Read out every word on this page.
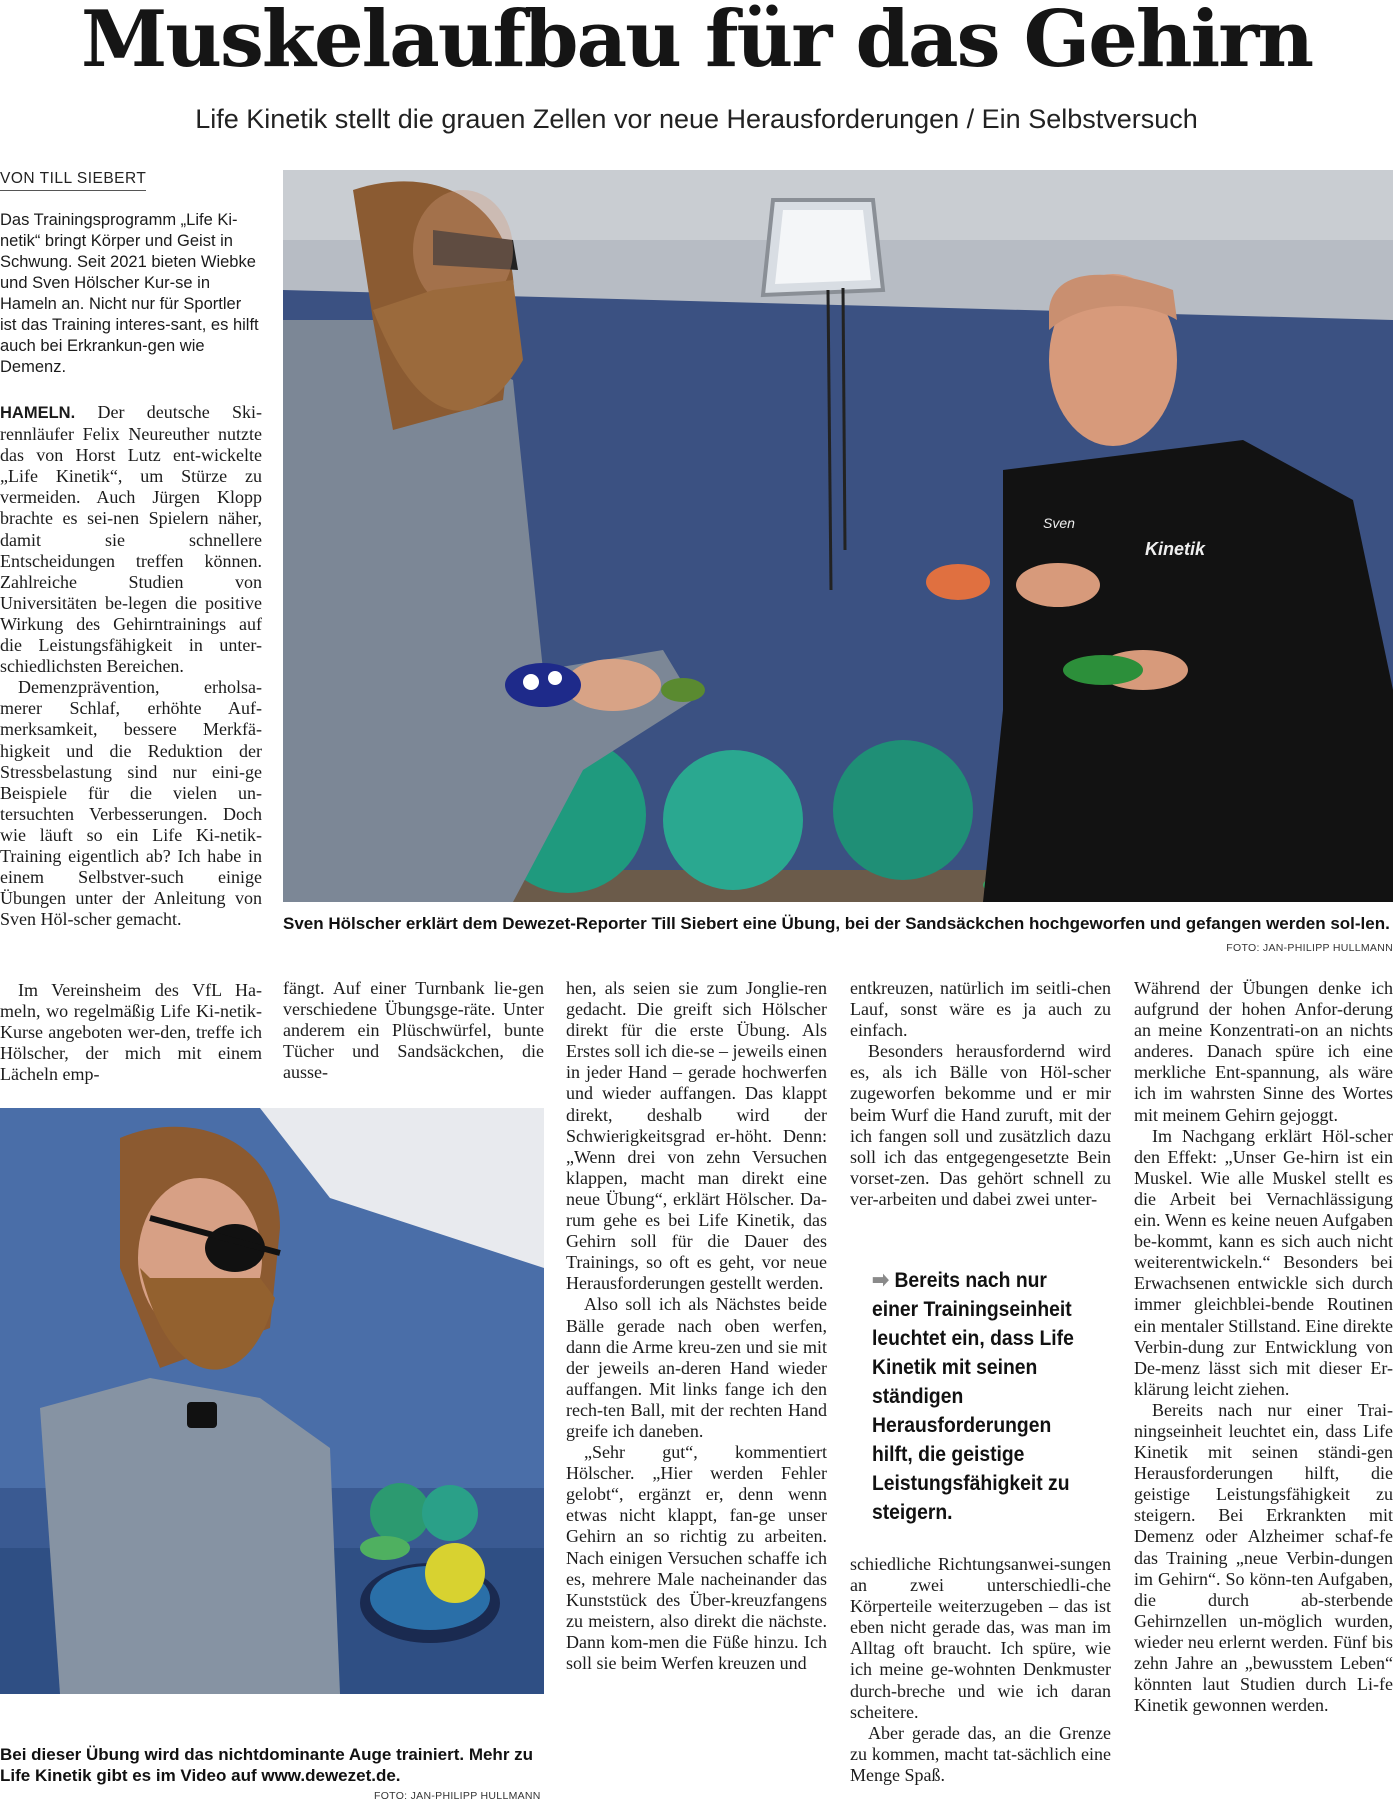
Muskelaufbau für das Gehirn

Life Kinetik stellt die grauen Zellen vor neue Herausforderungen / Ein Selbstversuch

VON TILL SIEBERT

Das Trainingsprogramm „Life Ki-netik“ bringt Körper und Geist in Schwung. Seit 2021 bieten Wiebke und Sven Hölscher Kur-se in Hameln an. Nicht nur für Sportler ist das Training interes-sant, es hilft auch bei Erkrankun-gen wie Demenz.

HAMELN. Der deutsche Ski-rennläufer Felix Neureuther nutzte das von Horst Lutz ent-wickelte „Life Kinetik“, um Stürze zu vermeiden. Auch Jürgen Klopp brachte es sei-nen Spielern näher, damit sie schnellere Entscheidungen treffen können. Zahlreiche Studien von Universitäten be-legen die positive Wirkung des Gehirntrainings auf die Leistungsfähigkeit in unter-schiedlichsten Bereichen.

Demenzprävention, erholsa-merer Schlaf, erhöhte Auf-merksamkeit, bessere Merkfä-higkeit und die Reduktion der Stressbelastung sind nur eini-ge Beispiele für die vielen un-tersuchten Verbesserungen. Doch wie läuft so ein Life Ki-netik-Training eigentlich ab? Ich habe in einem Selbstver-such einige Übungen unter der Anleitung von Sven Höl-scher gemacht.

Im Vereinsheim des VfL Ha-meln, wo regelmäßig Life Ki-netik-Kurse angeboten wer-den, treffe ich Hölscher, der mich mit einem Lächeln emp-

fängt. Auf einer Turnbank lie-gen verschiedene Übungsge-räte. Unter anderem ein Plüschwürfel, bunte Tücher und Sandsäckchen, die ausse-

hen, als seien sie zum Jonglie-ren gedacht. Die greift sich Hölscher direkt für die erste Übung. Als Erstes soll ich die-se – jeweils einen in jeder Hand – gerade hochwerfen und wieder auffangen. Das klappt direkt, deshalb wird der Schwierigkeitsgrad er-höht. Denn: „Wenn drei von zehn Versuchen klappen, macht man direkt eine neue Übung“, erklärt Hölscher. Da-rum gehe es bei Life Kinetik, das Gehirn soll für die Dauer des Trainings, so oft es geht, vor neue Herausforderungen gestellt werden.

Also soll ich als Nächstes beide Bälle gerade nach oben werfen, dann die Arme kreu-zen und sie mit der jeweils an-deren Hand wieder auffangen. Mit links fange ich den rech-ten Ball, mit der rechten Hand greife ich daneben.

„Sehr gut“, kommentiert Hölscher. „Hier werden Fehler gelobt“, ergänzt er, denn wenn etwas nicht klappt, fan-ge unser Gehirn an so richtig zu arbeiten. Nach einigen Versuchen schaffe ich es, mehrere Male nacheinander das Kunststück des Über-kreuzfangens zu meistern, also direkt die nächste. Dann kom-men die Füße hinzu. Ich soll sie beim Werfen kreuzen und

entkreuzen, natürlich im seitli-chen Lauf, sonst wäre es ja auch zu einfach.

Besonders herausfordernd wird es, als ich Bälle von Höl-scher zugeworfen bekomme und er mir beim Wurf die Hand zuruft, mit der ich fangen soll und zusätzlich dazu soll ich das entgegengesetzte Bein vorset-zen. Das gehört schnell zu ver-arbeiten und dabei zwei unter-

➡ Bereits nach nur einer Trainingseinheit leuchtet ein, dass Life Kinetik mit seinen ständigen Herausforderungen hilft, die geistige Leistungsfähigkeit zu steigern.

schiedliche Richtungsanwei-sungen an zwei unterschiedli-che Körperteile weiterzugeben – das ist eben nicht gerade das, was man im Alltag oft braucht. Ich spüre, wie ich meine ge-wohnten Denkmuster durch-breche und wie ich daran scheitere.

Aber gerade das, an die Grenze zu kommen, macht tat-sächlich eine Menge Spaß.

Während der Übungen denke ich aufgrund der hohen Anfor-derung an meine Konzentrati-on an nichts anderes. Danach spüre ich eine merkliche Ent-spannung, als wäre ich im wahrsten Sinne des Wortes mit meinem Gehirn gejoggt.

Im Nachgang erklärt Höl-scher den Effekt: „Unser Ge-hirn ist ein Muskel. Wie alle Muskel stellt es die Arbeit bei Vernachlässigung ein. Wenn es keine neuen Aufgaben be-kommt, kann es sich auch nicht weiterentwickeln.“ Besonders bei Erwachsenen entwickle sich durch immer gleichblei-bende Routinen ein mentaler Stillstand. Eine direkte Verbin-dung zur Entwicklung von De-menz lässt sich mit dieser Er-klärung leicht ziehen.

Bereits nach nur einer Trai-ningseinheit leuchtet ein, dass Life Kinetik mit seinen ständi-gen Herausforderungen hilft, die geistige Leistungsfähigkeit zu steigern. Bei Erkrankten mit Demenz oder Alzheimer schaf-fe das Training „neue Verbin-dungen im Gehirn“. So könn-ten Aufgaben, die durch ab-sterbende Gehirnzellen un-möglich wurden, wieder neu erlernt werden. Fünf bis zehn Jahre an „bewusstem Leben“ könnten laut Studien durch Li-fe Kinetik gewonnen werden.

Sven
Kinetik

Sven Hölscher erklärt dem Dewezet-Reporter Till Siebert eine Übung, bei der Sandsäckchen hochgeworfen und gefangen werden sol-len.

FOTO: JAN-PHILIPP HULLMANN

Bei dieser Übung wird das nichtdominante Auge trainiert. Mehr zu Life Kinetik gibt es im Video auf www.dewezet.de.

FOTO: JAN-PHILIPP HULLMANN
